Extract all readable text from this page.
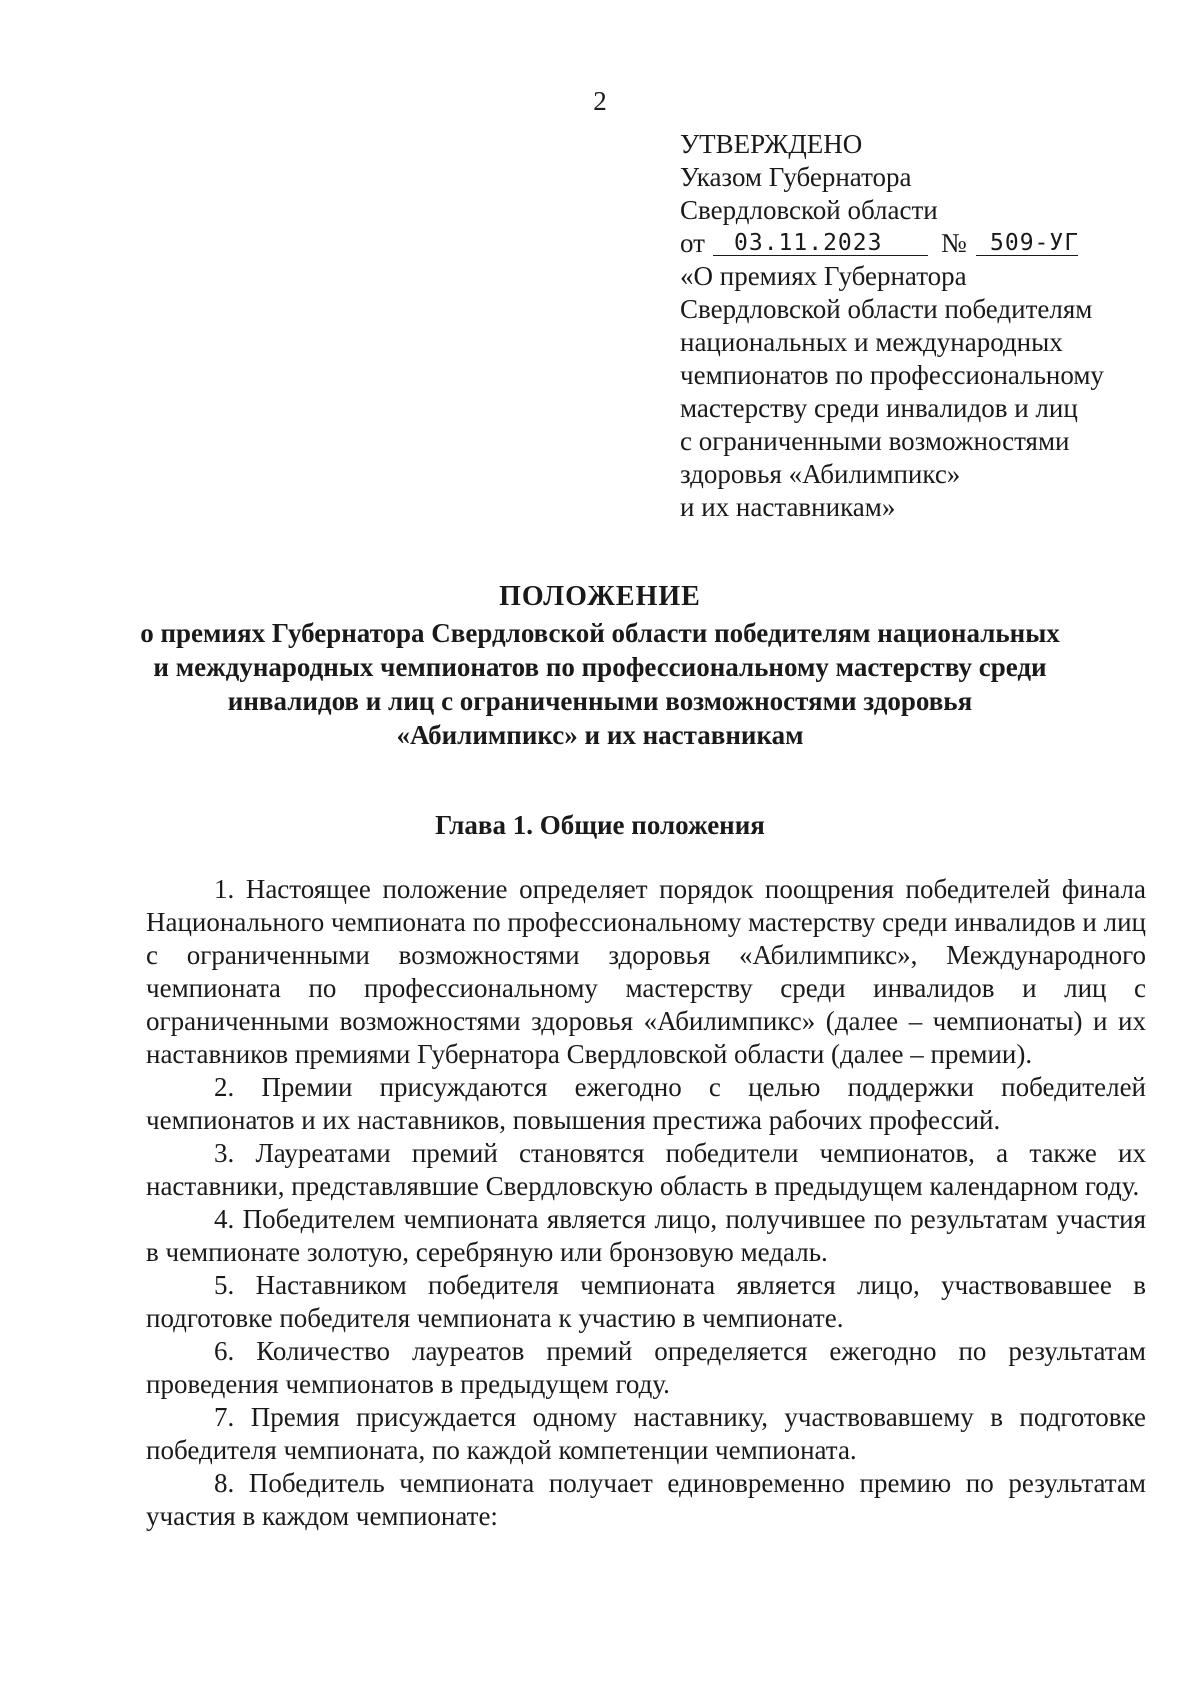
2
УТВЕРЖДЕНО
Указом Губернатора
Свердловской области
от 03.11.2023 № 509-УГ
«О премиях Губернатора
Свердловской области победителям
национальных и международных
чемпионатов по профессиональному
мастерству среди инвалидов и лиц
с ограниченными возможностями
здоровья «Абилимпикс»
и их наставникам»
ПОЛОЖЕНИЕ
о премиях Губернатора Свердловской области победителям национальных
и международных чемпионатов по профессиональному мастерству среди
инвалидов и лиц с ограниченными возможностями здоровья
«Абилимпикс» и их наставникам
Глава 1. Общие положения
1. Настоящее положение определяет порядок поощрения победителей финала Национального чемпионата по профессиональному мастерству среди инвалидов и лиц с ограниченными возможностями здоровья «Абилимпикс», Международного чемпионата по профессиональному мастерству среди инвалидов и лиц с ограниченными возможностями здоровья «Абилимпикс» (далее – чемпионаты) и их наставников премиями Губернатора Свердловской области (далее – премии).
2. Премии присуждаются ежегодно с целью поддержки победителей чемпионатов и их наставников, повышения престижа рабочих профессий.
3. Лауреатами премий становятся победители чемпионатов, а также их наставники, представлявшие Свердловскую область в предыдущем календарном году.
4. Победителем чемпионата является лицо, получившее по результатам участия в чемпионате золотую, серебряную или бронзовую медаль.
5. Наставником победителя чемпионата является лицо, участвовавшее в подготовке победителя чемпионата к участию в чемпионате.
6. Количество лауреатов премий определяется ежегодно по результатам проведения чемпионатов в предыдущем году.
7. Премия присуждается одному наставнику, участвовавшему в подготовке победителя чемпионата, по каждой компетенции чемпионата.
8. Победитель чемпионата получает единовременно премию по результатам участия в каждом чемпионате:
